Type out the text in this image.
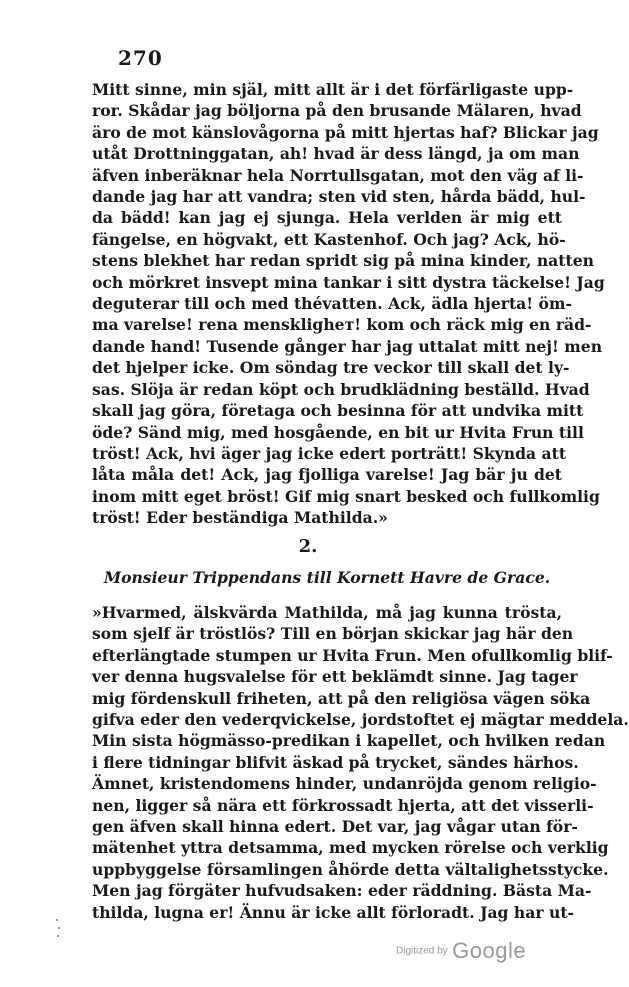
270
Mitt sinne, min själ, mitt allt är i det förfärligaste upp-
ror. Skådar jag böljorna på den brusande Mälaren, hvad
äro de mot känslovågorna på mitt hjertas haf? Blickar jag
utåt Drottninggatan, ah! hvad är dess längd, ja om man
äfven inberäknar hela Norrtullsgatan, mot den väg af li-
dande jag har att vandra; sten vid sten, hårda bädd, hul-
da bädd! kan jag ej sjunga. Hela verlden är mig ett
fängelse, en högvakt, ett Kastenhof. Och jag? Ack, hö-
stens blekhet har redan spridt sig på mina kinder, natten
och mörkret insvept mina tankar i sitt dystra täckelse! Jag
deguterar till och med thévatten. Ack, ädla hjerta! öm-
ma varelse! rena menskligheт! kom och räck mig en räd-
dande hand! Tusende gånger har jag uttalat mitt nej! men
det hjelper icke. Om söndag tre veckor till skall det ly-
sas. Slöja är redan köpt och brudklädning beställd. Hvad
skall jag göra, företaga och besinna för att undvika mitt
öde? Sänd mig, med hosgående, en bit ur Hvita Frun till
tröst! Ack, hvi äger jag icke edert porträtt! Skynda att
låta måla det! Ack, jag fjolliga varelse! Jag bär ju det
inom mitt eget bröst! Gif mig snart besked och fullkomlig
tröst! Eder beständiga Mathilda.»
2.
Monsieur Trippendans till Kornett Havre de Grace.
»Hvarmed, älskvärda Mathilda, må jag kunna trösta,
som sjelf är tröstlös? Till en början skickar jag här den
efterlängtade stumpen ur Hvita Frun. Men ofullkomlig blif-
ver denna hugsvalelse för ett beklämdt sinne. Jag tager
mig fördenskull friheten, att på den religiösa vägen söka
gifva eder den vederqvickelse, jordstoftet ej mägtar meddela.
Min sista högmässo-predikan i kapellet, och hvilken redan
i flere tidningar blifvit äskad på trycket, sändes härhos.
Ämnet, kristendomens hinder, undanröjda genom religio-
nen, ligger så nära ett förkrossadt hjerta, att det visserli-
gen äfven skall hinna edert. Det var, jag vågar utan för-
mätenhet yttra detsamma, med mycken rörelse och verklig
uppbyggelse församlingen åhörde detta vältalighetsstycke.
Men jag förgäter hufvudsaken: eder räddning. Bästa Ma-
thilda, lugna er! Ännu är icke allt förloradt. Jag har ut-
Digitized by Google
